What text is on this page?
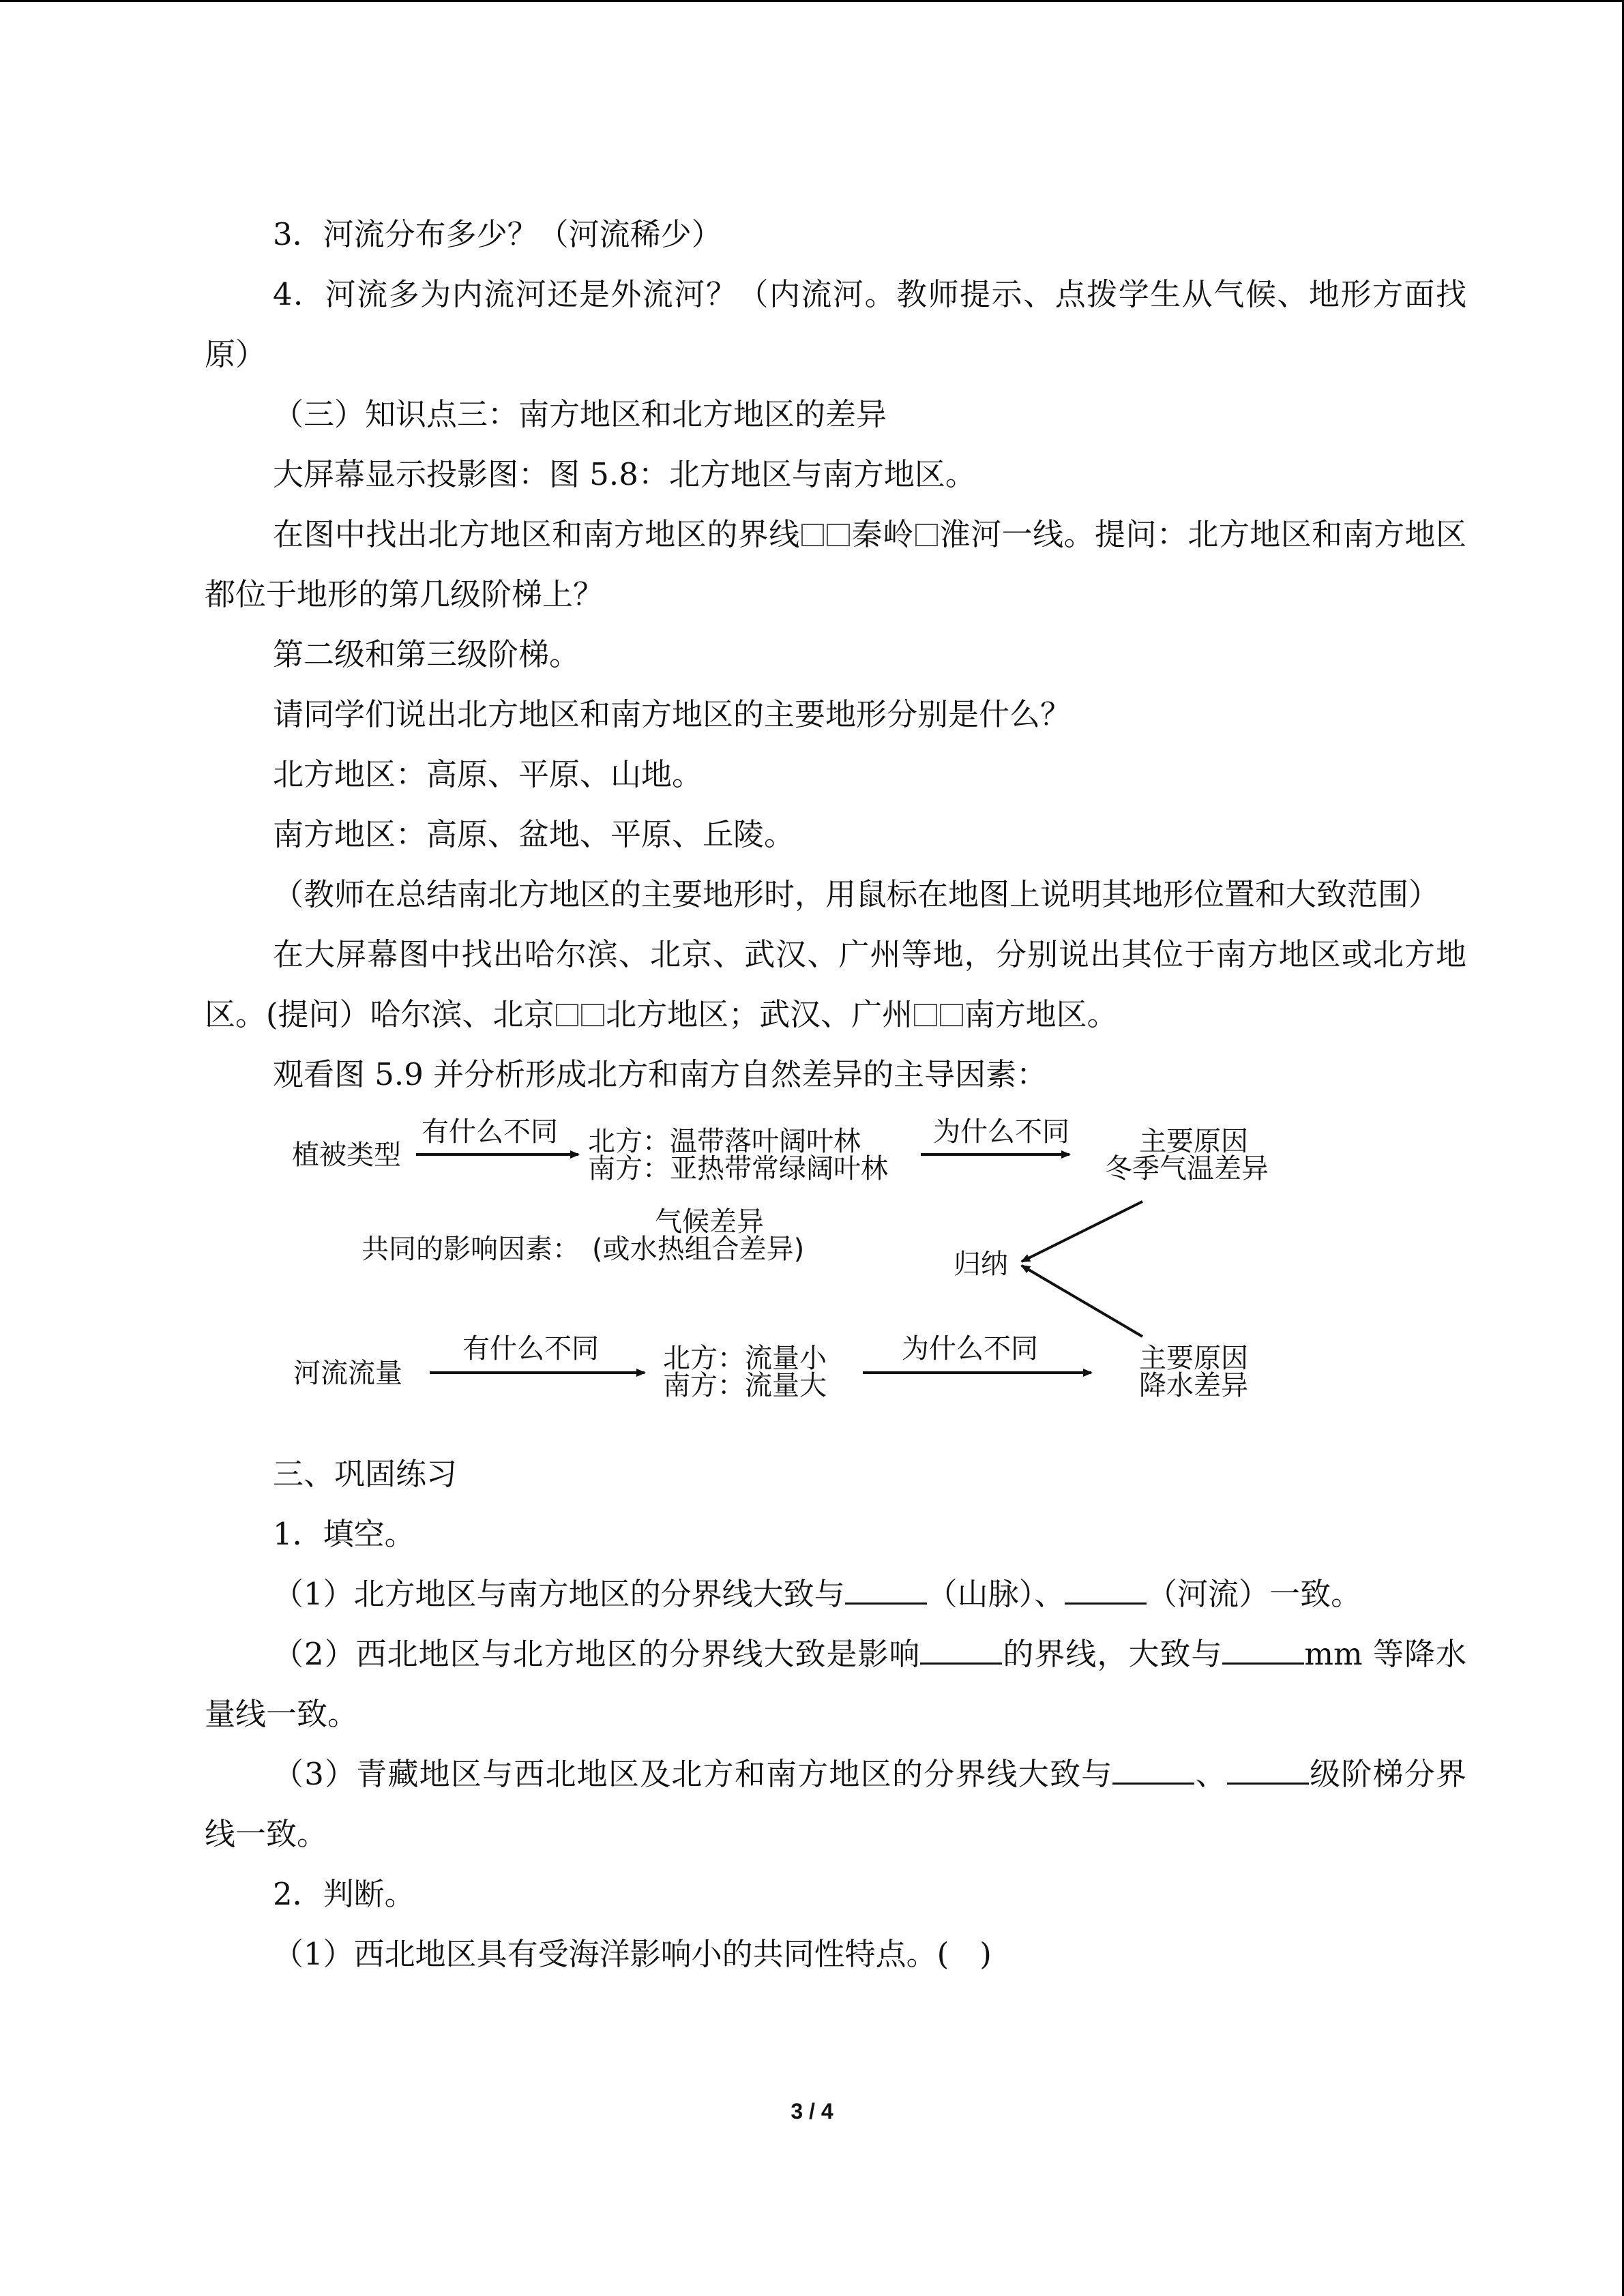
3．河流分布多少？（河流稀少）

4．河流多为内流河还是外流河？（内流河。教师提示、点拨学生从气候、地形方面找原）

（三）知识点三：南方地区和北方地区的差异

大屏幕显示投影图：图 5.8：北方地区与南方地区。

在图中找出北方地区和南方地区的界线 秦岭 淮河一线。提问：北方地区和南方地区都位于地形的第几级阶梯上？

第二级和第三级阶梯。

请同学们说出北方地区和南方地区的主要地形分别是什么？

北方地区：高原、平原、山地。

南方地区：高原、盆地、平原、丘陵。

（教师在总结南北方地区的主要地形时，用鼠标在地图上说明其地形位置和大致范围）

在大屏幕图中找出哈尔滨、北京、武汉、广州等地，分别说出其位于南方地区或北方地区。(提问）哈尔滨、北京 北方地区；武汉、广州 南方地区。

观看图 5.9 并分析形成北方和南方自然差异的主导因素：

植被类型
有什么不同 北方：温带落叶阔叶林
南方：亚热带常绿阔叶林
为什么不同	主要原因
冬季气温差异
共同的影响因素：
气候差异
(或水热组合差异)	归纳
河流流量
有什么不同 北方：流量小
南方：流量大
为什么不同	主要原因
降水差异

三、巩固练习

1．填空。

（1）北方地区与南方地区的分界线大致与	（山脉）、	（河流）一致。

（2）西北地区与北方地区的分界线大致是影响	的界线，大致与	mm 等降水量线一致。

（3）青藏地区与西北地区及北方和南方地区的分界线大致与	、	级阶梯分界线一致。

2．判断。

（1）西北地区具有受海洋影响小的共同性特点。(　)

3 / 4
